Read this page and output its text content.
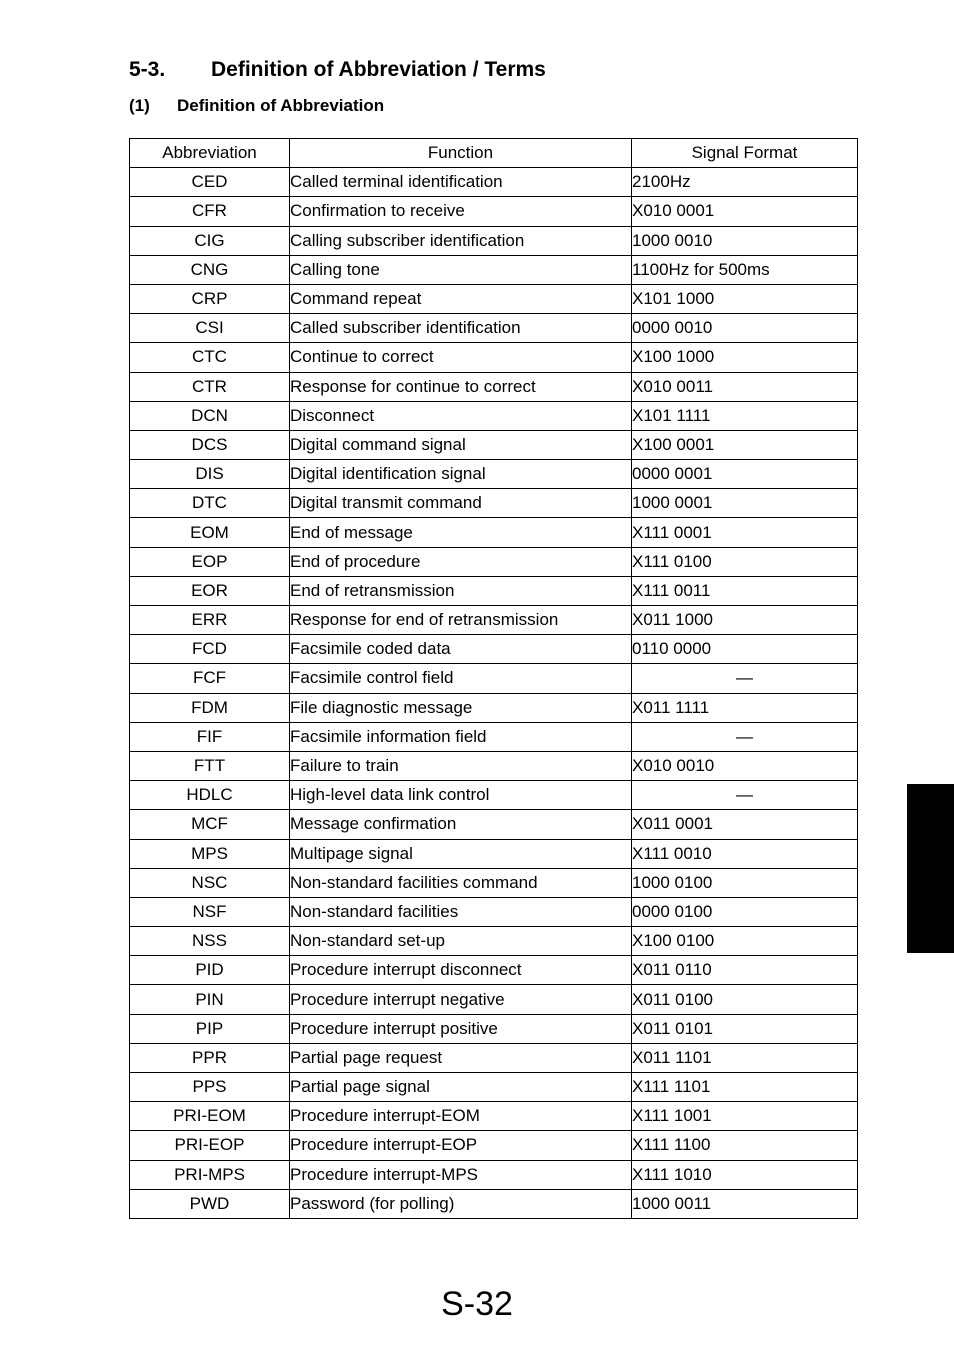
5-3.	Definition of Abbreviation / Terms
(1)	Definition of Abbreviation
Abbreviation	Function	Signal Format
CED	Called terminal identification	2100Hz
CFR	Confirmation to receive	X010 0001
CIG	Calling subscriber identification	1000 0010
CNG	Calling tone	1100Hz for 500ms
CRP	Command repeat	X101 1000
CSI	Called subscriber identification	0000 0010
CTC	Continue to correct	X100 1000
CTR	Response for continue to correct	X010 0011
DCN	Disconnect	X101 1111
DCS	Digital command signal	X100 0001
DIS	Digital identification signal	0000 0001
DTC	Digital transmit command	1000 0001
EOM	End of message	X111 0001
EOP	End of procedure	X111 0100
EOR	End of retransmission	X111 0011
ERR	Response for end of retransmission	X011 1000
FCD	Facsimile coded data	0110 0000
FCF	Facsimile control field	—
FDM	File diagnostic message	X011 1111
FIF	Facsimile information field	—
FTT	Failure to train	X010 0010
HDLC	High-level data link control	—
MCF	Message confirmation	X011 0001
MPS	Multipage signal	X111 0010
NSC	Non-standard facilities command	1000 0100
NSF	Non-standard facilities	0000 0100
NSS	Non-standard set-up	X100 0100
PID	Procedure interrupt disconnect	X011 0110
PIN	Procedure interrupt negative	X011 0100
PIP	Procedure interrupt positive	X011 0101
PPR	Partial page request	X011 1101
PPS	Partial page signal	X111 1101
PRI-EOM	Procedure interrupt-EOM	X111 1001
PRI-EOP	Procedure interrupt-EOP	X111 1100
PRI-MPS	Procedure interrupt-MPS	X111 1010
PWD	Password (for polling)	1000 0011
S-32
